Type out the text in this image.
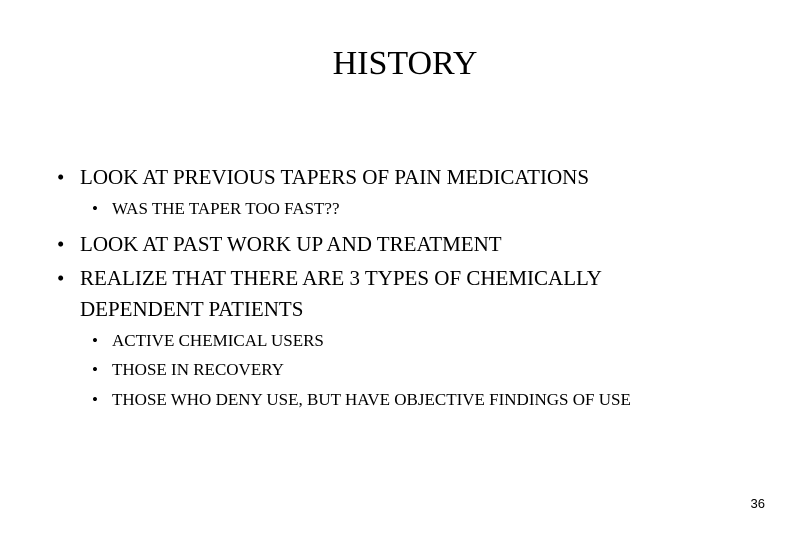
HISTORY
• LOOK AT PREVIOUS TAPERS OF PAIN MEDICATIONS
• WAS THE TAPER TOO FAST??
• LOOK AT PAST WORK UP AND TREATMENT
• REALIZE THAT THERE ARE 3 TYPES OF CHEMICALLY
DEPENDENT PATIENTS
• ACTIVE CHEMICAL USERS
• THOSE IN RECOVERY
• THOSE WHO DENY USE, BUT HAVE OBJECTIVE FINDINGS OF USE
36
